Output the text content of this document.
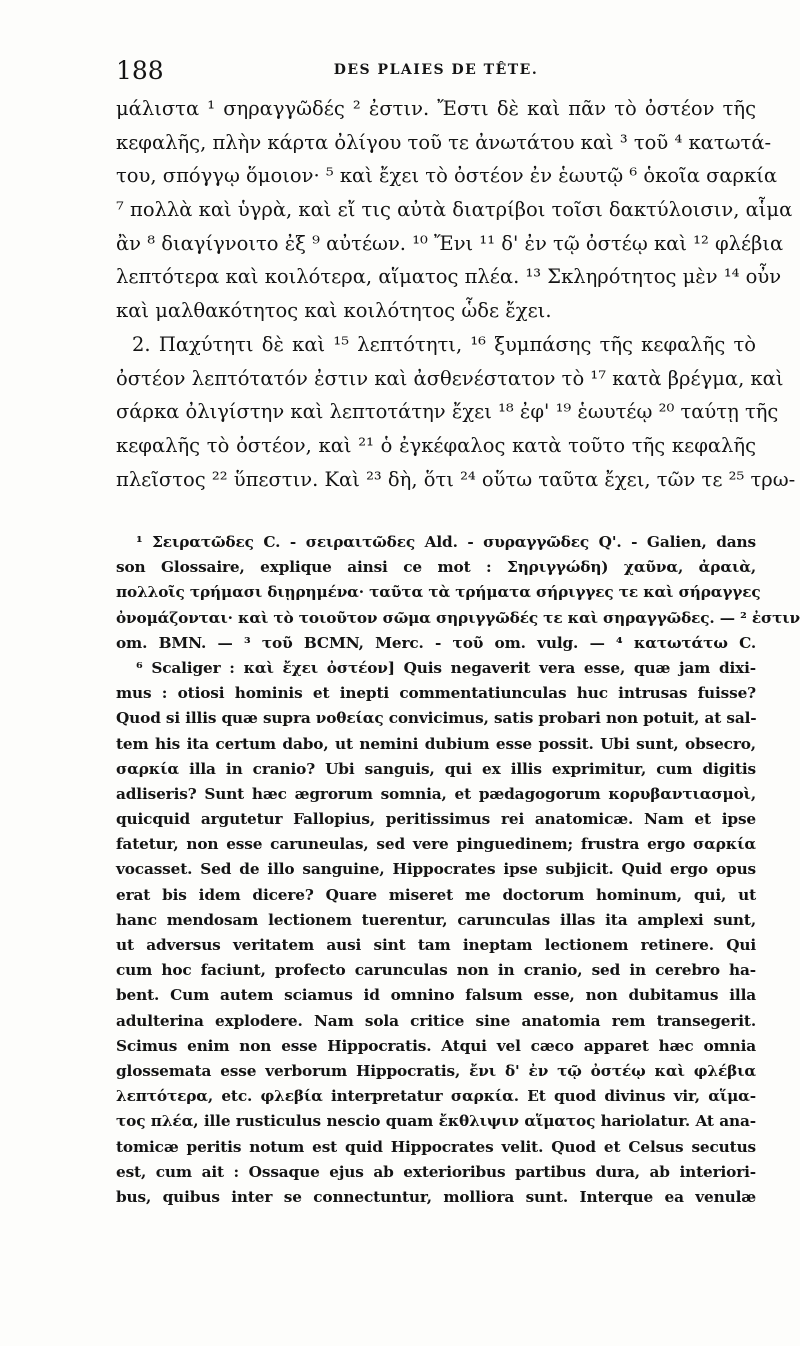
188	DES PLAIES DE TÊTE.
μάλιστα ¹ σηραγγῶδές ² ἐστιν. Ἔστι δὲ καὶ πᾶν τὸ ὀστέον τῆς
κεφαλῆς, πλὴν κάρτα ὀλίγου τοῦ τε ἀνωτάτου καὶ ³ τοῦ ⁴ κατωτά-
του, σπόγγῳ ὅμοιον· ⁵ καὶ ἔχει τὸ ὀστέον ἐν ἑωυτῷ ⁶ ὁκοῖα σαρκία
⁷ πολλὰ καὶ ὑγρὰ, καὶ εἴ τις αὐτὰ διατρίβοι τοῖσι δακτύλοισιν, αἷμα
ἂν ⁸ διαγίγνοιτο ἐξ ⁹ αὐτέων. ¹⁰ Ἔνι ¹¹ δ' ἐν τῷ ὀστέῳ καὶ ¹² φλέβια
λεπτότερα καὶ κοιλότερα, αἵματος πλέα. ¹³ Σκληρότητος μὲν ¹⁴ οὖν
καὶ μαλθακότητος καὶ κοιλότητος ὧδε ἔχει.
2. Παχύτητι δὲ καὶ ¹⁵ λεπτότητι, ¹⁶ ξυμπάσης τῆς κεφαλῆς τὸ
ὀστέον λεπτότατόν ἐστιν καὶ ἀσθενέστατον τὸ ¹⁷ κατὰ βρέγμα, καὶ
σάρκα ὀλιγίστην καὶ λεπτοτάτην ἔχει ¹⁸ ἐφ' ¹⁹ ἑωυτέῳ ²⁰ ταύτῃ τῆς
κεφαλῆς τὸ ὀστέον, καὶ ²¹ ὁ ἐγκέφαλος κατὰ τοῦτο τῆς κεφαλῆς
πλεῖστος ²² ὕπεστιν. Καὶ ²³ δὴ, ὅτι ²⁴ οὕτω ταῦτα ἔχει, τῶν τε ²⁵ τρω-
¹ Σειρατῶδες C. - σειραιτῶδες Ald. - συραγγῶδες Q'. - Galien, dans
son Glossaire, explique ainsi ce mot : Σηριγγώδη) χαῦνα, ἀραιὰ,
πολλοῖς τρήμασι διῃρημένα· ταῦτα τὰ τρήματα σήριγγες τε καὶ σήραγγες
ὀνομάζονται· καὶ τὸ τοιοῦτον σῶμα σηριγγῶδές τε καὶ σηραγγῶδες. — ² ἐστιν
om. BMN. — ³ τοῦ BCMN, Merc. - τοῦ om. vulg. — ⁴ κατωτάτω C.
⁶ Scaliger : καὶ ἔχει ὀστέον] Quis negaverit vera esse, quæ jam dixi-
mus : otiosi hominis et inepti commentatiunculas huc intrusas fuisse?
Quod si illis quæ supra νοθείας convicimus, satis probari non potuit, at sal-
tem his ita certum dabo, ut nemini dubium esse possit. Ubi sunt, obsecro,
σαρκία illa in cranio? Ubi sanguis, qui ex illis exprimitur, cum digitis
adliseris? Sunt hæc ægrorum somnia, et pædagogorum κορυβαντιασμοὶ,
quicquid argutetur Fallopius, peritissimus rei anatomicæ. Nam et ipse
fatetur, non esse caruneulas, sed vere pinguedinem; frustra ergo σαρκία
vocasset. Sed de illo sanguine, Hippocrates ipse subjicit. Quid ergo opus
erat bis idem dicere? Quare miseret me doctorum hominum, qui, ut
hanc mendosam lectionem tuerentur, carunculas illas ita amplexi sunt,
ut adversus veritatem ausi sint tam ineptam lectionem retinere. Qui
cum hoc faciunt, profecto carunculas non in cranio, sed in cerebro ha-
bent. Cum autem sciamus id omnino falsum esse, non dubitamus illa
adulterina explodere. Nam sola critice sine anatomia rem transegerit.
Scimus enim non esse Hippocratis. Atqui vel cæco apparet hæc omnia
glossemata esse verborum Hippocratis, ἔνι δ' ἐν τῷ ὀστέῳ καὶ φλέβια
λεπτότερα, etc. φλεβία interpretatur σαρκία. Et quod divinus vir, αἵμα-
τος πλέα, ille rusticulus nescio quam ἔκθλιψιν αἵματος hariolatur. At ana-
tomicæ peritis notum est quid Hippocrates velit. Quod et Celsus secutus
est, cum ait : Ossaque ejus ab exterioribus partibus dura, ab interiori-
bus, quibus inter se connectuntur, molliora sunt. Interque ea venulæ
